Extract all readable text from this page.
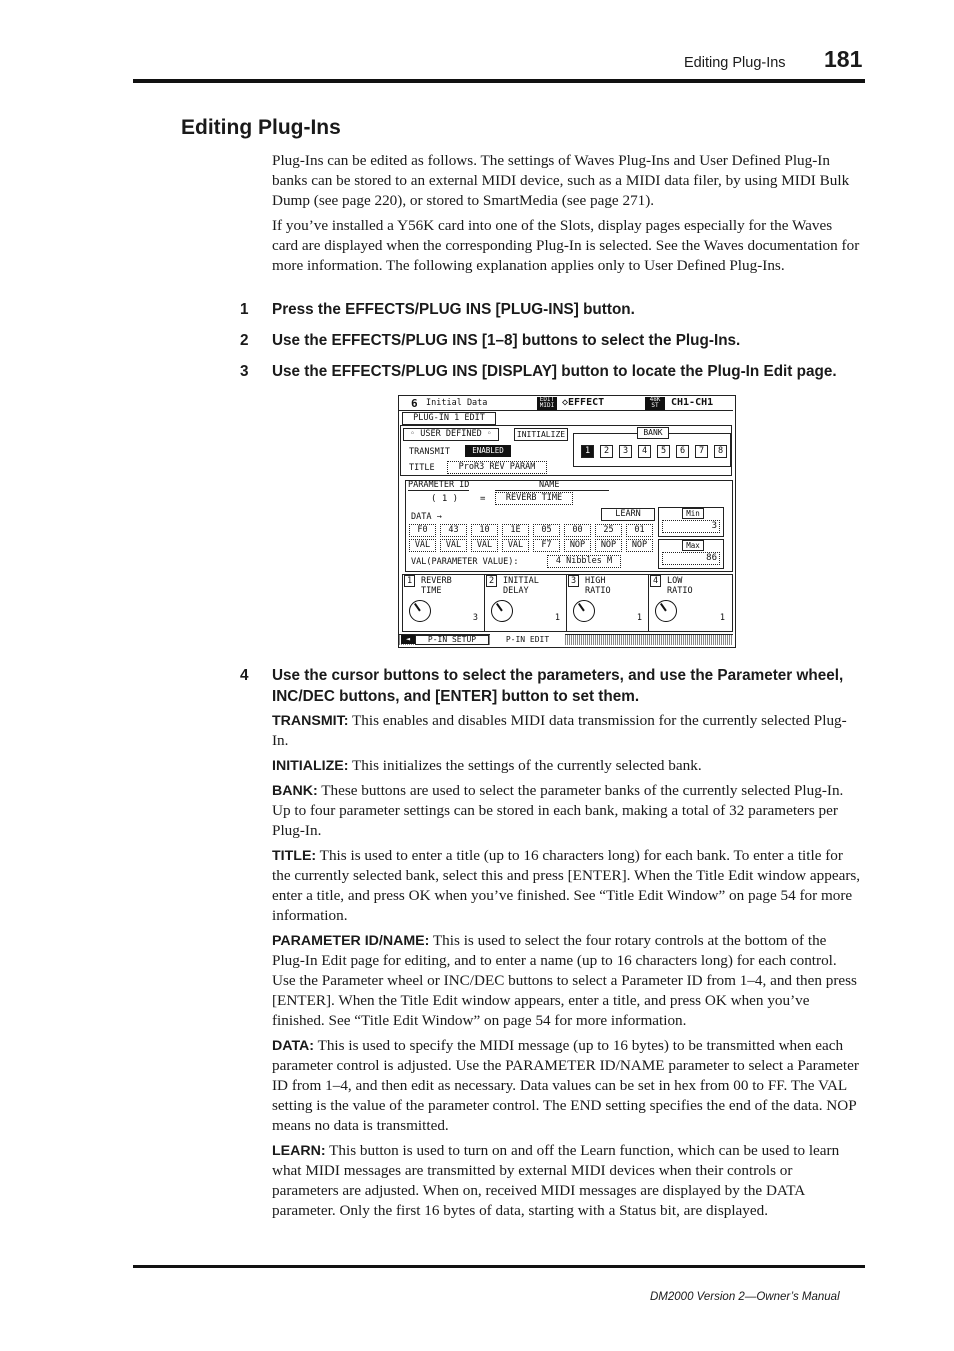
Editing Plug-Ins 181
Editing Plug-Ins

Plug-Ins can be edited as follows. The settings of Waves Plug-Ins and User Defined Plug-In banks can be stored to an external MIDI device, such as a MIDI data filer, by using MIDI Bulk Dump (see page 220), or stored to SmartMedia (see page 271).

If you’ve installed a Y56K card into one of the Slots, display pages especially for the Waves card are displayed when the corresponding Plug-In is selected. See the Waves documentation for more information. The following explanation applies only to User Defined Plug-Ins.

1 Press the EFFECTS/PLUG INS [PLUG-INS] button.
2 Use the EFFECTS/PLUG INS [1–8] buttons to select the Plug-Ins.
3 Use the EFFECTS/PLUG INS [DISPLAY] button to locate the Plug-In Edit page.
6 Initial Data	EDIT MIDI ◇EFFECT	48K ST	CH1-CH1
PLUG-IN 1 EDIT
◦ USER DEFINED ◦	INITIALIZE	BANK
TRANSMIT	ENABLED
TITLE	ProR3 REV PARAM
PARAMETER ID	NAME
( 1 ) =	REVERB TIME
DATA →	LEARN
VAL(PARAMETER VALUE):	4 Nibbles M
Min
3
Max
86
◄	P-IN SETUP	P-IN EDIT
1	2	3	4	5	6	7	8
F0	43	10	1E	05	00	25	01
VAL	VAL	VAL	VAL	F7	NOP	NOP	NOP
1	REVERB
TIME
3
2	INITIAL
DELAY
1
3	HIGH
RATIO
1
4	LOW
RATIO
1
4 Use the cursor buttons to select the parameters, and use the Parameter wheel, INC/DEC buttons, and [ENTER] button to set them.

TRANSMIT: This enables and disables MIDI data transmission for the currently selected Plug-In.

INITIALIZE: This initializes the settings of the currently selected bank.

BANK: These buttons are used to select the parameter banks of the currently selected Plug-In. Up to four parameter settings can be stored in each bank, making a total of 32 parameters per Plug-In.

TITLE: This is used to enter a title (up to 16 characters long) for each bank. To enter a title for the currently selected bank, select this and press [ENTER]. When the Title Edit window appears, enter a title, and press OK when you’ve finished. See “Title Edit Window” on page 54 for more information.

PARAMETER ID/NAME: This is used to select the four rotary controls at the bottom of the Plug-In Edit page for editing, and to enter a name (up to 16 characters long) for each control. Use the Parameter wheel or INC/DEC buttons to select a Parameter ID from 1–4, and then press [ENTER]. When the Title Edit window appears, enter a title, and press OK when you’ve finished. See “Title Edit Window” on page 54 for more information.

DATA: This is used to specify the MIDI message (up to 16 bytes) to be transmitted when each parameter control is adjusted. Use the PARAMETER ID/NAME parameter to select a Parameter ID from 1–4, and then edit as necessary. Data values can be set in hex from 00 to FF. The VAL setting is the value of the parameter control. The END setting specifies the end of the data. NOP means no data is transmitted.

LEARN: This button is used to turn on and off the Learn function, which can be used to learn what MIDI messages are transmitted by external MIDI devices when their controls or parameters are adjusted. When on, received MIDI messages are displayed by the DATA parameter. Only the first 16 bytes of data, starting with a Status bit, are displayed.

DM2000 Version 2—Owner’s Manual
